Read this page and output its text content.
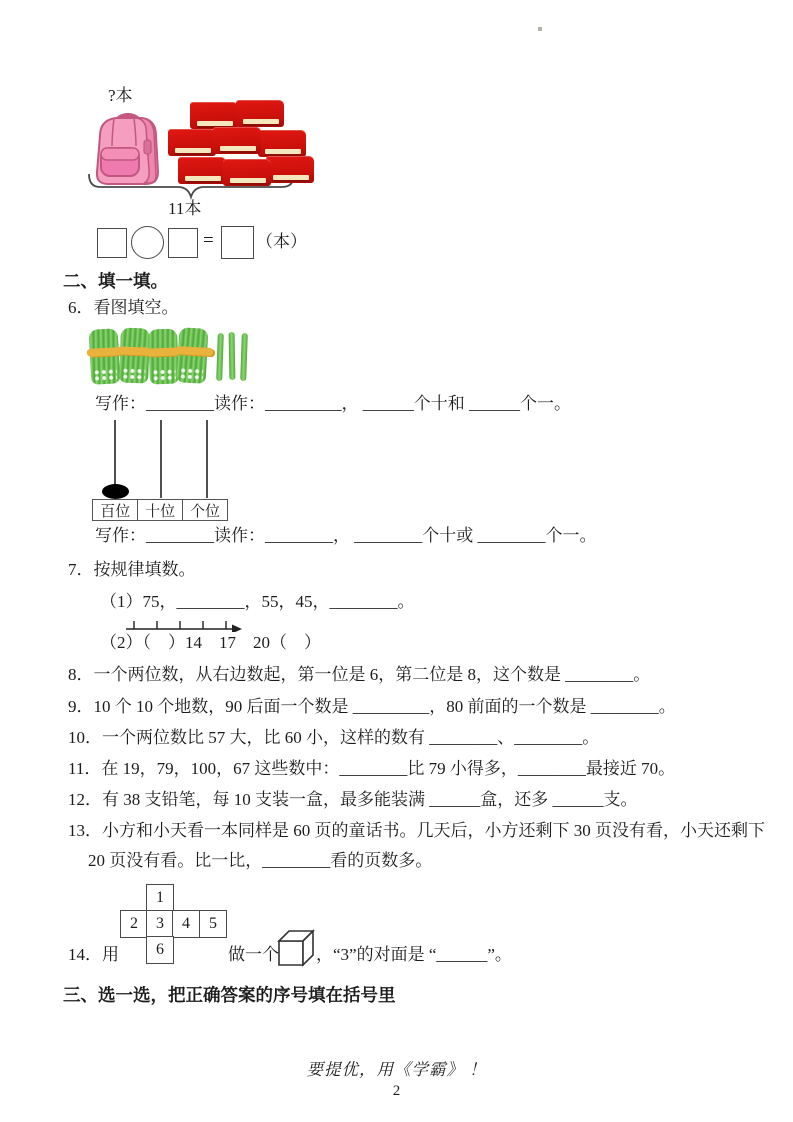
?本
11本
= （本）
二、填一填。
6．看图填空。
写作：________读作：_________， ______个十和 ______个一。
百位 十位 个位
写作：________读作：________， ________个十或 ________个一。
7．按规律填数。
（1）75，________，55，45，________。
（2）（　）14　17　20（　）
8．一个两位数，从右边数起，第一位是 6，第二位是 8，这个数是 ________。
9．10 个 10 个地数，90 后面一个数是 _________，80 前面的一个数是 ________。
10．一个两位数比 57 大，比 60 小，这样的数有 ________、________。
11．在 19，79，100，67 这些数中：________比 79 小得多，________最接近 70。
12．有 38 支铅笔，每 10 支装一盒，最多能装满 ______盒，还多 ______支。
13．小方和小天看一本同样是 60 页的童话书。几天后，小方还剩下 30 页没有看，小天还剩下
20 页没有看。比一比，________看的页数多。
1
2	3	4	5
6
14．用	做一个 ，“3”的对面是 “______”。
三、选一选，把正确答案的序号填在括号里
要提优，用《学霸》 ！
2
